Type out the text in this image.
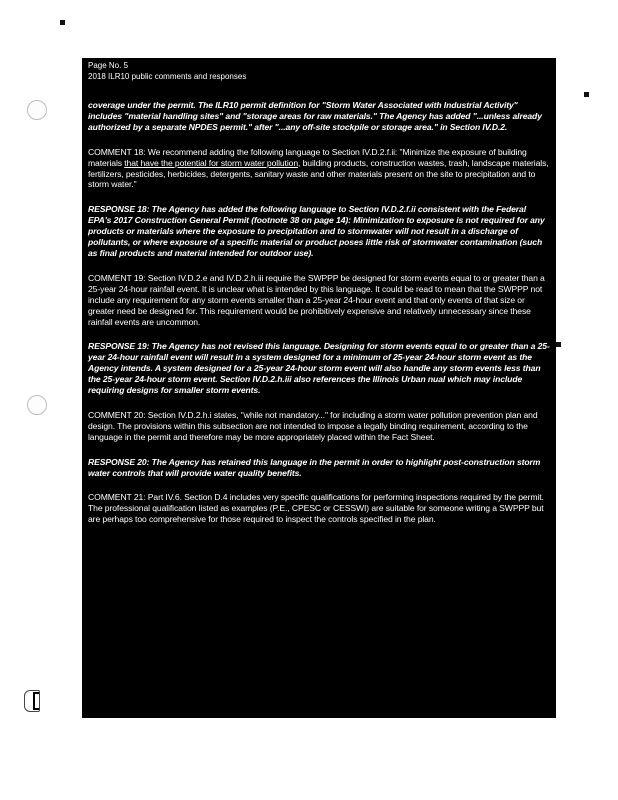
Page No. 5
2018 ILR10 public comments and responses

coverage under the permit. The ILR10 permit definition for "Storm Water Associated with Industrial Activity" includes "material handling sites" and "storage areas for raw materials." The Agency has added "...unless already authorized by a separate NPDES permit." after "...any off-site stockpile or storage area." in Section IV.D.2.

COMMENT 18: We recommend adding the following language to Section IV.D.2.f.ii: "Minimize the exposure of building materials that have the potential for storm water pollution, building products, construction wastes, trash, landscape materials, fertilizers, pesticides, herbicides, detergents, sanitary waste and other materials present on the site to precipitation and to storm water."

RESPONSE 18: The Agency has added the following language to Section IV.D.2.f.ii consistent with the Federal EPA's 2017 Construction General Permit (footnote 38 on page 14): Minimization to exposure is not required for any products or materials where the exposure to precipitation and to stormwater will not result in a discharge of pollutants, or where exposure of a specific material or product poses little risk of stormwater contamination (such as final products and material intended for outdoor use).

COMMENT 19: Section IV.D.2.e and IV.D.2.h.iii require the SWPPP be designed for storm events equal to or greater than a 25-year 24-hour rainfall event. It is unclear what is intended by this language. It could be read to mean that the SWPPP not include any requirement for any storm events smaller than a 25-year 24-hour event and that only events of that size or greater need be designed for. This requirement would be prohibitively expensive and relatively unnecessary since these rainfall events are uncommon.

RESPONSE 19: The Agency has not revised this language. Designing for storm events equal to or greater than a 25-year 24-hour rainfall event will result in a system designed for a minimum of 25-year 24-hour storm event as the Agency intends. A system designed for a 25-year 24-hour storm event will also handle any storm events less than the 25-year 24-hour storm event. Section IV.D.2.h.iii also references the Illinois Urban nual which may include requiring designs for smaller storm events.

COMMENT 20: Section IV.D.2.h.i states, "while not mandatory..." for including a storm water pollution prevention plan and design. The provisions within this subsection are not intended to impose a legally binding requirement, according to the language in the permit and therefore may be more appropriately placed within the Fact Sheet.

RESPONSE 20: The Agency has retained this language in the permit in order to highlight post-construction storm water controls that will provide water quality benefits.

COMMENT 21: Part IV.6. Section D.4 includes very specific qualifications for performing inspections required by the permit. The professional qualification listed as examples (P.E., CPESC or CESSWI) are suitable for someone writing a SWPPP but are perhaps too comprehensive for those required to inspect the controls specified in the plan.
